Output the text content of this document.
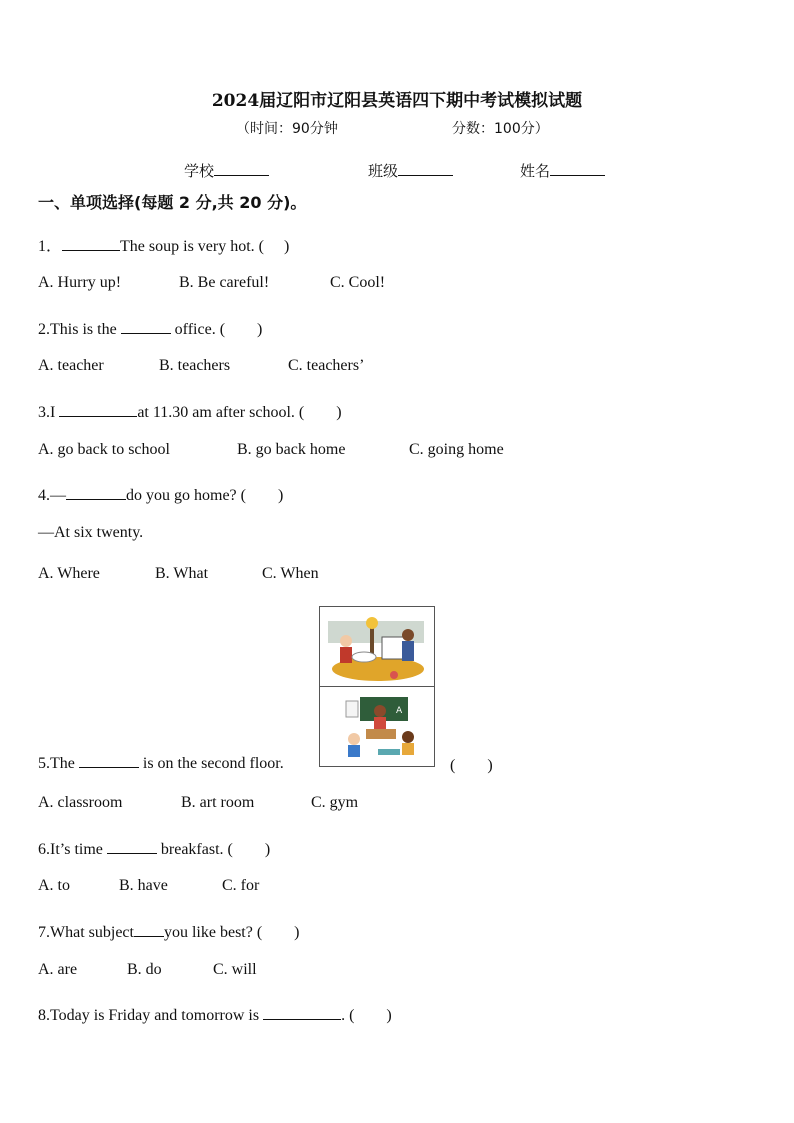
2024届辽阳市辽阳县英语四下期中考试模拟试题
（时间：90分钟	分数：100分）
学校	班级	姓名
一、单项选择(每题 2 分,共 20 分)。
1．	The soup is very hot. (　 )
A. Hurry up!	B. Be careful!	C. Cool!
2.This is the	office. (　　)
A. teacher	B. teachers	C. teachers’
3.I	at 11.30 am after school. (　　)
A. go back to school	B. go back home	C. going home
4.—	do you go home? (　　)
—At six twenty.
A. Where	B. What	C. When
A
5.The	is on the second floor.	(　　)
A. classroom	B. art room	C. gym
6.It’s time	breakfast. (　　)
A. to	B. have	C. for
7.What subject you like best? (　　)
A. are	B. do	C. will
8.Today is Friday and tomorrow is	. (　　)
